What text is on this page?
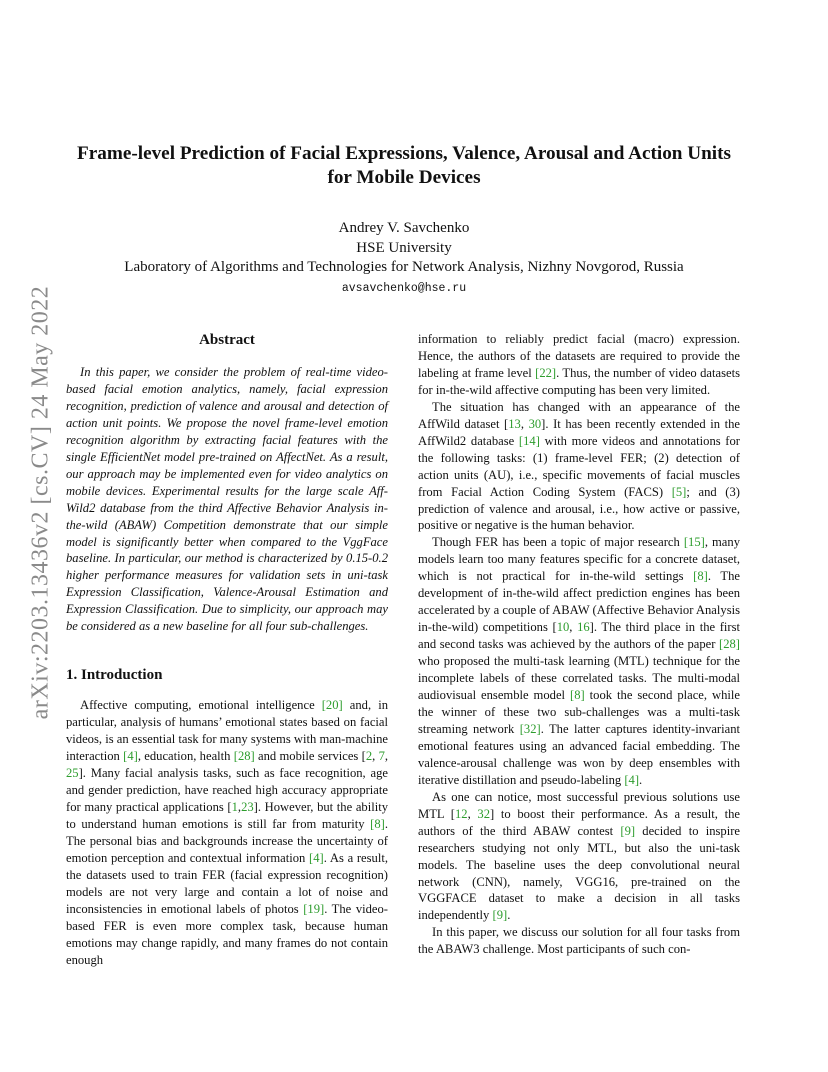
arXiv:2203.13436v2 [cs.CV] 24 May 2022
Frame-level Prediction of Facial Expressions, Valence, Arousal and Action Units for Mobile Devices
Andrey V. Savchenko
HSE University
Laboratory of Algorithms and Technologies for Network Analysis, Nizhny Novgorod, Russia
avsavchenko@hse.ru
Abstract

In this paper, we consider the problem of real-time video-based facial emotion analytics, namely, facial expression recognition, prediction of valence and arousal and detection of action unit points. We propose the novel frame-level emotion recognition algorithm by extracting facial features with the single EfficientNet model pre-trained on AffectNet. As a result, our approach may be implemented even for video analytics on mobile devices. Experimental results for the large scale Aff-Wild2 database from the third Affective Behavior Analysis in-the-wild (ABAW) Competition demonstrate that our simple model is significantly better when compared to the VggFace baseline. In particular, our method is characterized by 0.15-0.2 higher performance measures for validation sets in uni-task Expression Classification, Valence-Arousal Estimation and Expression Classification. Due to simplicity, our approach may be considered as a new baseline for all four sub-challenges.

1. Introduction

Affective computing, emotional intelligence [20] and, in particular, analysis of humans’ emotional states based on facial videos, is an essential task for many systems with man-machine interaction [4], education, health [28] and mobile services [2, 7, 25]. Many facial analysis tasks, such as face recognition, age and gender prediction, have reached high accuracy appropriate for many practical applications [1,23]. However, but the ability to understand human emotions is still far from maturity [8]. The personal bias and backgrounds increase the uncertainty of emotion perception and contextual information [4]. As a result, the datasets used to train FER (facial expression recognition) models are not very large and contain a lot of noise and inconsistencies in emotional labels of photos [19]. The video-based FER is even more complex task, because human emotions may change rapidly, and many frames do not contain enough

information to reliably predict facial (macro) expression. Hence, the authors of the datasets are required to provide the labeling at frame level [22]. Thus, the number of video datasets for in-the-wild affective computing has been very limited.

The situation has changed with an appearance of the AffWild dataset [13, 30]. It has been recently extended in the AffWild2 database [14] with more videos and annotations for the following tasks: (1) frame-level FER; (2) detection of action units (AU), i.e., specific movements of facial muscles from Facial Action Coding System (FACS) [5]; and (3) prediction of valence and arousal, i.e., how active or passive, positive or negative is the human behavior.

Though FER has been a topic of major research [15], many models learn too many features specific for a concrete dataset, which is not practical for in-the-wild settings [8]. The development of in-the-wild affect prediction engines has been accelerated by a couple of ABAW (Affective Behavior Analysis in-the-wild) competitions [10, 16]. The third place in the first and second tasks was achieved by the authors of the paper [28] who proposed the multi-task learning (MTL) technique for the incomplete labels of these correlated tasks. The multi-modal audiovisual ensemble model [8] took the second place, while the winner of these two sub-challenges was a multi-task streaming network [32]. The latter captures identity-invariant emotional features using an advanced facial embedding. The valence-arousal challenge was won by deep ensembles with iterative distillation and pseudo-labeling [4].

As one can notice, most successful previous solutions use MTL [12, 32] to boost their performance. As a result, the authors of the third ABAW contest [9] decided to inspire researchers studying not only MTL, but also the uni-task models. The baseline uses the deep convolutional neural network (CNN), namely, VGG16, pre-trained on the VGGFACE dataset to make a decision in all tasks independently [9].

In this paper, we discuss our solution for all four tasks from the ABAW3 challenge. Most participants of such con-
